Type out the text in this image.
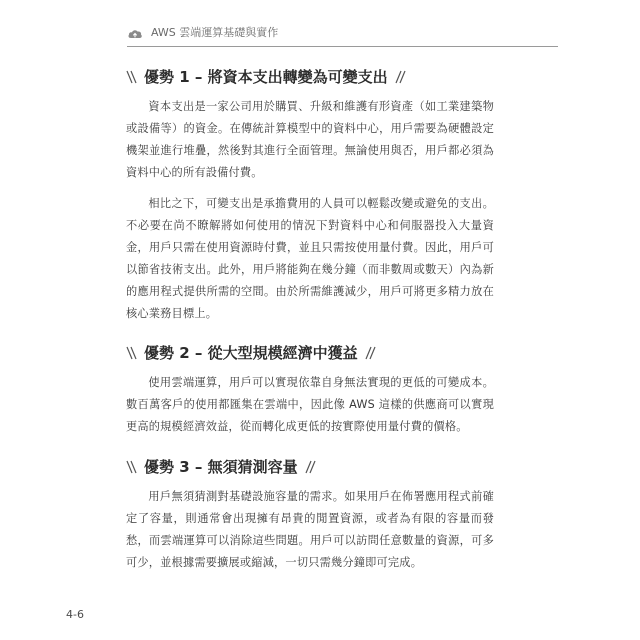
AWS 雲端運算基礎與實作
優勢 1 – 將資本支出轉變為可變支出

資本支出是一家公司用於購買、升級和維護有形資產（如工業建築物或設備等）的資金。在傳統計算模型中的資料中心，用戶需要為硬體設定機架並進行堆疊，然後對其進行全面管理。無論使用與否，用戶都必須為資料中心的所有設備付費。

相比之下，可變支出是承擔費用的人員可以輕鬆改變或避免的支出。不必要在尚不瞭解將如何使用的情況下對資料中心和伺服器投入大量資金，用戶只需在使用資源時付費，並且只需按使用量付費。因此，用戶可以節省技術支出。此外，用戶將能夠在幾分鐘（而非數周或數天）內為新的應用程式提供所需的空間。由於所需維護減少，用戶可將更多精力放在核心業務目標上。

優勢 2 – 從大型規模經濟中獲益

使用雲端運算，用戶可以實現依靠自身無法實現的更低的可變成本。數百萬客戶的使用都匯集在雲端中，因此像 AWS 這樣的供應商可以實現更高的規模經濟效益，從而轉化成更低的按實際使用量付費的價格。

優勢 3 – 無須猜測容量

用戶無須猜測對基礎設施容量的需求。如果用戶在佈署應用程式前確定了容量，則通常會出現擁有昂貴的閒置資源，或者為有限的容量而發愁，而雲端運算可以消除這些問題。用戶可以訪問任意數量的資源，可多可少，並根據需要擴展或縮減，一切只需幾分鐘即可完成。

4-6
